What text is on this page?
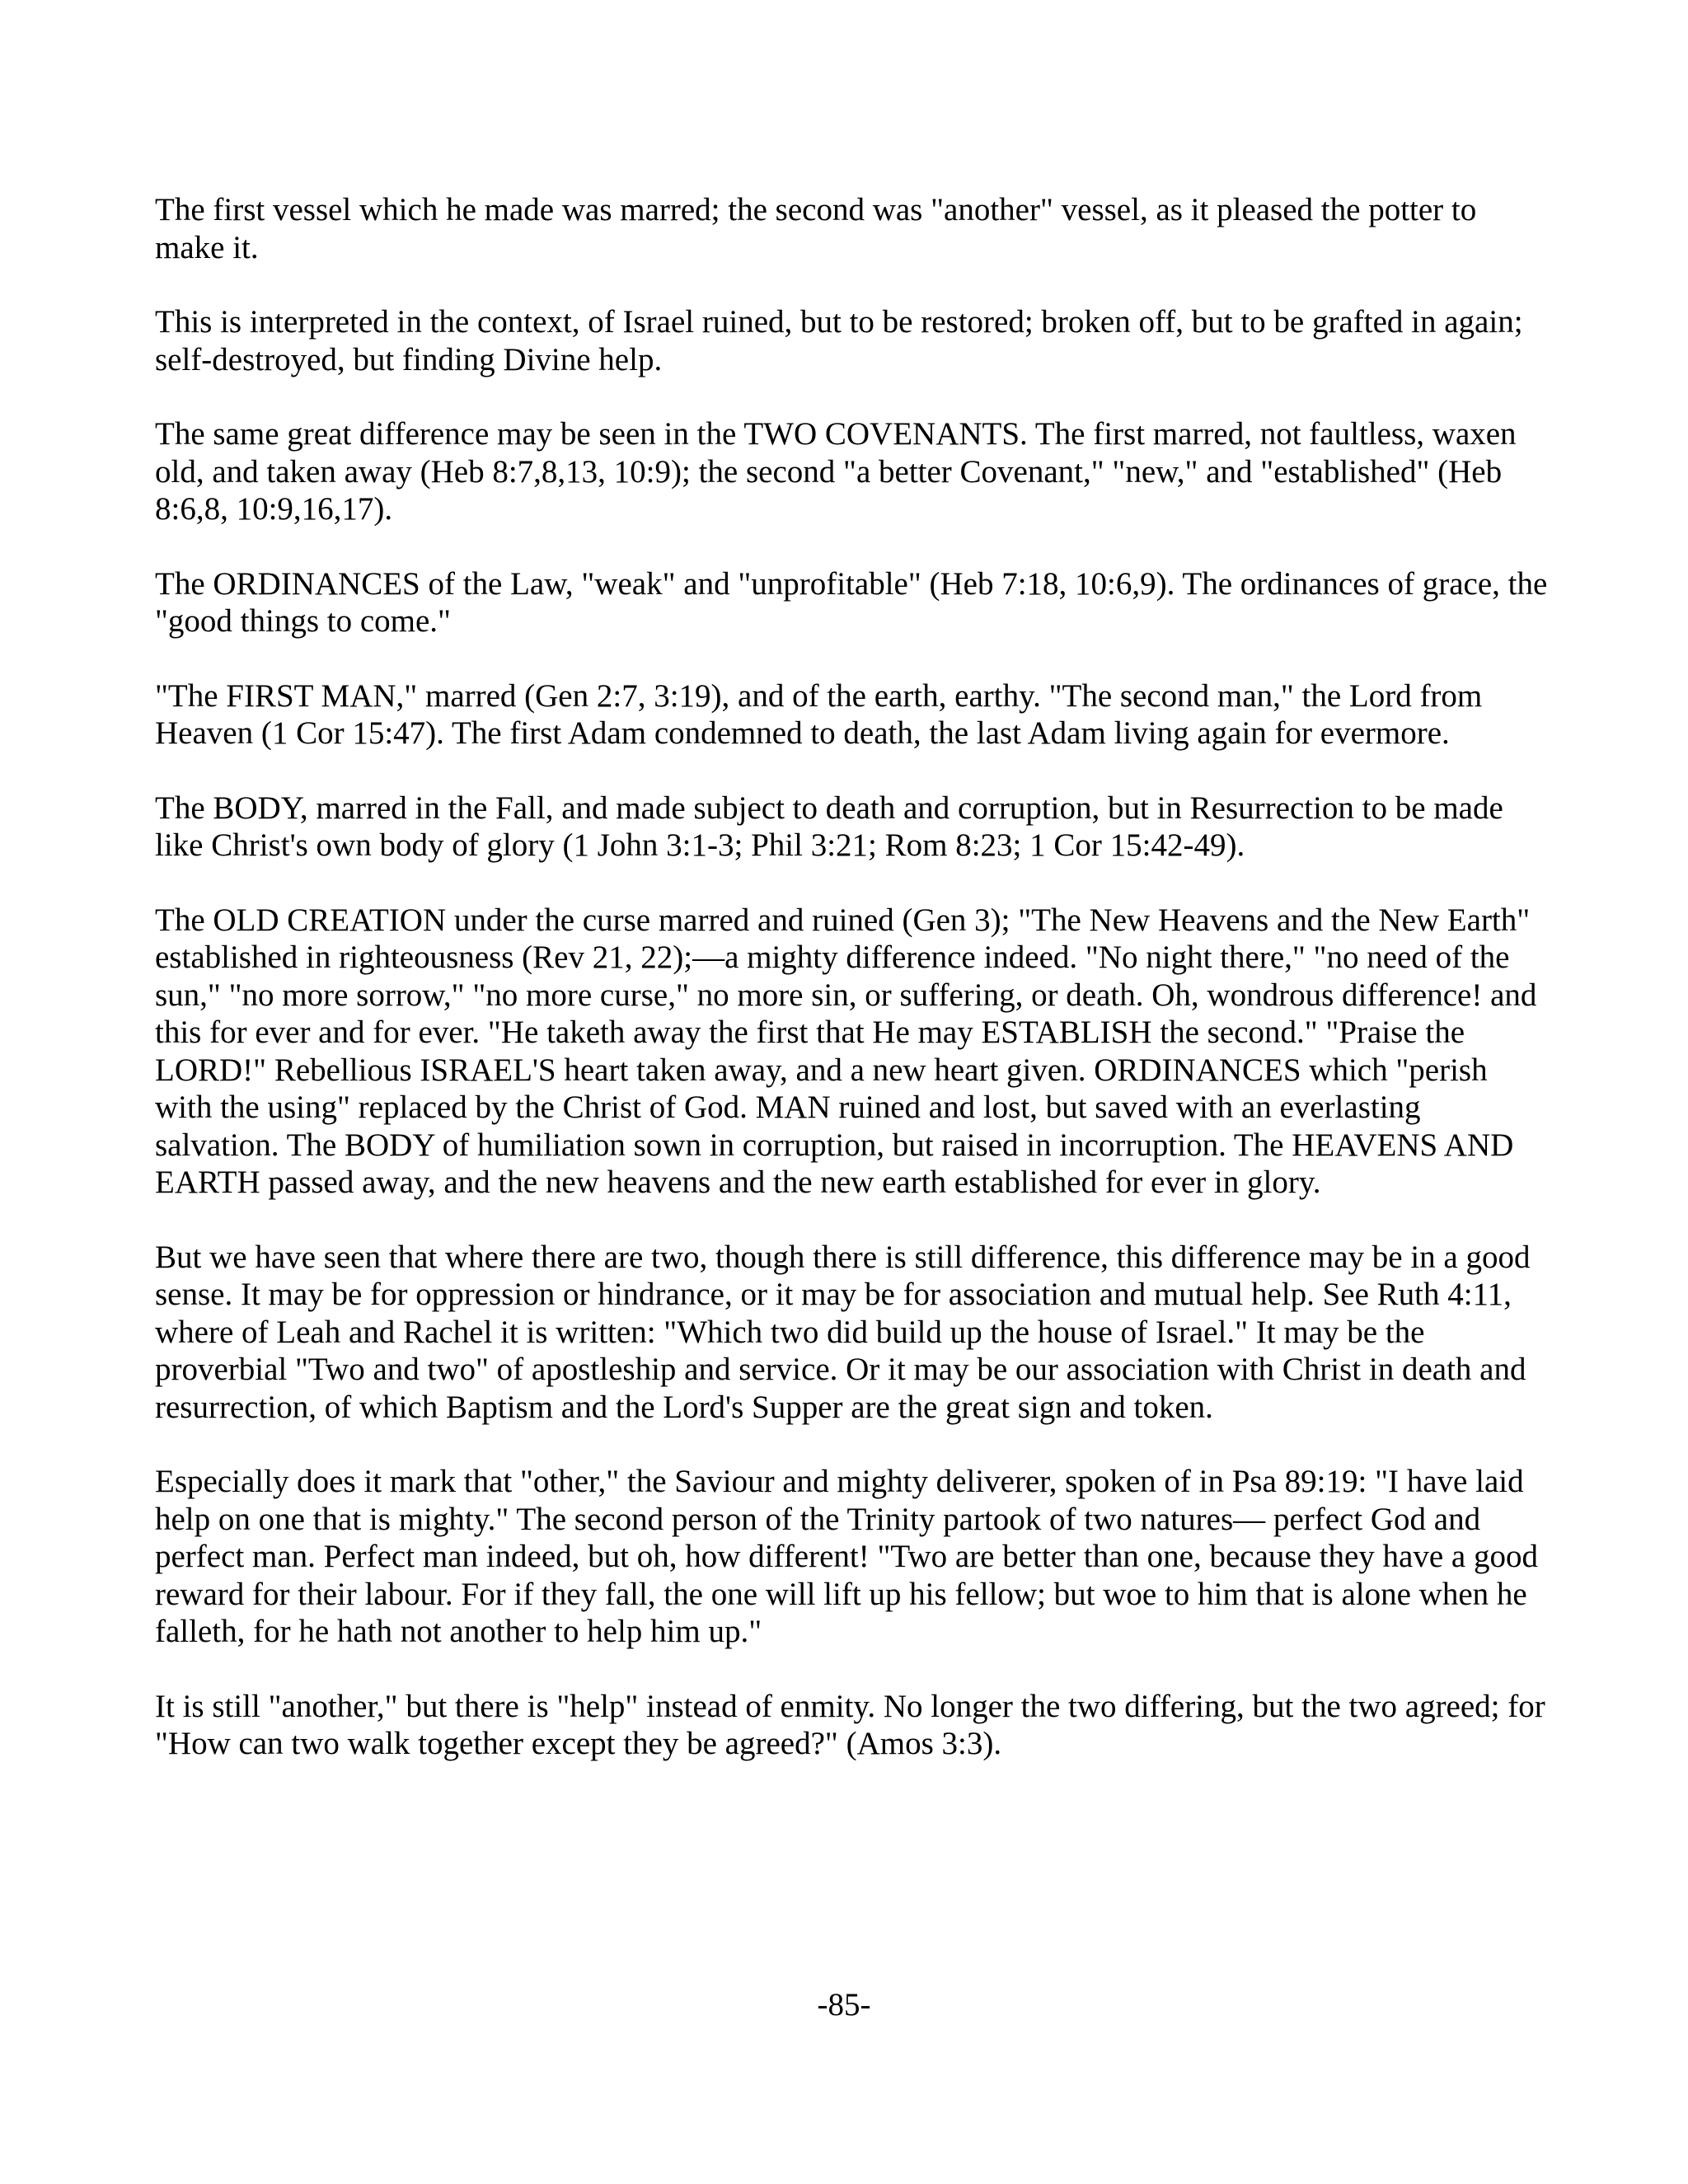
The first vessel which he made was marred; the second was "another" vessel, as it pleased the potter to make it.

This is interpreted in the context, of Israel ruined, but to be restored; broken off, but to be grafted in again; self-destroyed, but finding Divine help.

The same great difference may be seen in the TWO COVENANTS. The first marred, not faultless, waxen old, and taken away (Heb 8:7,8,13, 10:9); the second "a better Covenant," "new," and "established" (Heb 8:6,8, 10:9,16,17).

The ORDINANCES of the Law, "weak" and "unprofitable" (Heb 7:18, 10:6,9). The ordinances of grace, the "good things to come."

"The FIRST MAN," marred (Gen 2:7, 3:19), and of the earth, earthy. "The second man," the Lord from Heaven (1 Cor 15:47). The first Adam condemned to death, the last Adam living again for evermore.

The BODY, marred in the Fall, and made subject to death and corruption, but in Resurrection to be made like Christ's own body of glory (1 John 3:1-3; Phil 3:21; Rom 8:23; 1 Cor 15:42-49).

The OLD CREATION under the curse marred and ruined (Gen 3); "The New Heavens and the New Earth" established in righteousness (Rev 21, 22);—a mighty difference indeed. "No night there," "no need of the sun," "no more sorrow," "no more curse," no more sin, or suffering, or death. Oh, wondrous difference! and this for ever and for ever. "He taketh away the first that He may ESTABLISH the second." "Praise the LORD!" Rebellious ISRAEL'S heart taken away, and a new heart given. ORDINANCES which "perish with the using" replaced by the Christ of God. MAN ruined and lost, but saved with an everlasting salvation. The BODY of humiliation sown in corruption, but raised in incorruption. The HEAVENS AND EARTH passed away, and the new heavens and the new earth established for ever in glory.

But we have seen that where there are two, though there is still difference, this difference may be in a good sense. It may be for oppression or hindrance, or it may be for association and mutual help. See Ruth 4:11, where of Leah and Rachel it is written: "Which two did build up the house of Israel." It may be the proverbial "Two and two" of apostleship and service. Or it may be our association with Christ in death and resurrection, of which Baptism and the Lord's Supper are the great sign and token.

Especially does it mark that "other," the Saviour and mighty deliverer, spoken of in Psa 89:19: "I have laid help on one that is mighty." The second person of the Trinity partook of two natures— perfect God and perfect man. Perfect man indeed, but oh, how different! "Two are better than one, because they have a good reward for their labour. For if they fall, the one will lift up his fellow; but woe to him that is alone when he falleth, for he hath not another to help him up."

It is still "another," but there is "help" instead of enmity. No longer the two differing, but the two agreed; for "How can two walk together except they be agreed?" (Amos 3:3).

-85-
